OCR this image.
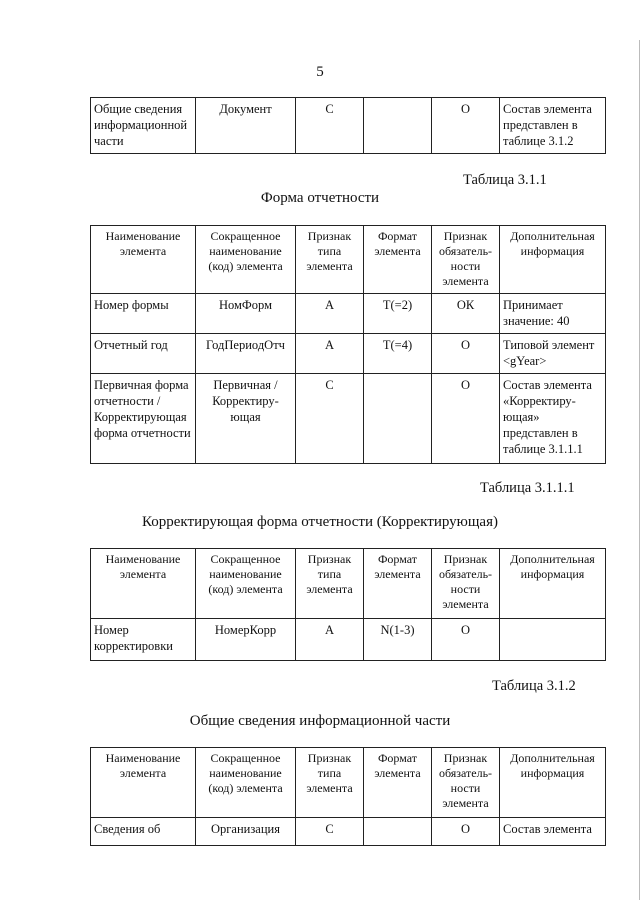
5
Общие сведения информационной части	Документ	С		О	Состав элемента представлен в таблице 3.1.2
Таблица 3.1.1
Форма отчетности
Наименование элемента	Сокращенное наименование (код) элемента	Признак типа элемента	Формат элемента	Признак обязатель-ности элемента	Дополнительная информация
Номер формы	НомФорм	А	T(=2)	ОК	Принимает значение: 40
Отчетный год	ГодПериодОтч	А	T(=4)	О	Типовой элемент <gYear>
Первичная форма отчетности / Корректирующая форма отчетности	Первичная / Корректиру-ющая	С		О	Состав элемента «Корректиру-ющая» представлен в таблице 3.1.1.1
Таблица 3.1.1.1
Корректирующая форма отчетности (Корректирующая)
Наименование элемента	Сокращенное наименование (код) элемента	Признак типа элемента	Формат элемента	Признак обязатель-ности элемента	Дополнительная информация
Номер корректировки	НомерКорр	А	N(1-3)	О	
Таблица 3.1.2
Общие сведения информационной части
Наименование элемента	Сокращенное наименование (код) элемента	Признак типа элемента	Формат элемента	Признак обязатель-ности элемента	Дополнительная информация
Сведения об	Организация	С		О	Состав элемента
